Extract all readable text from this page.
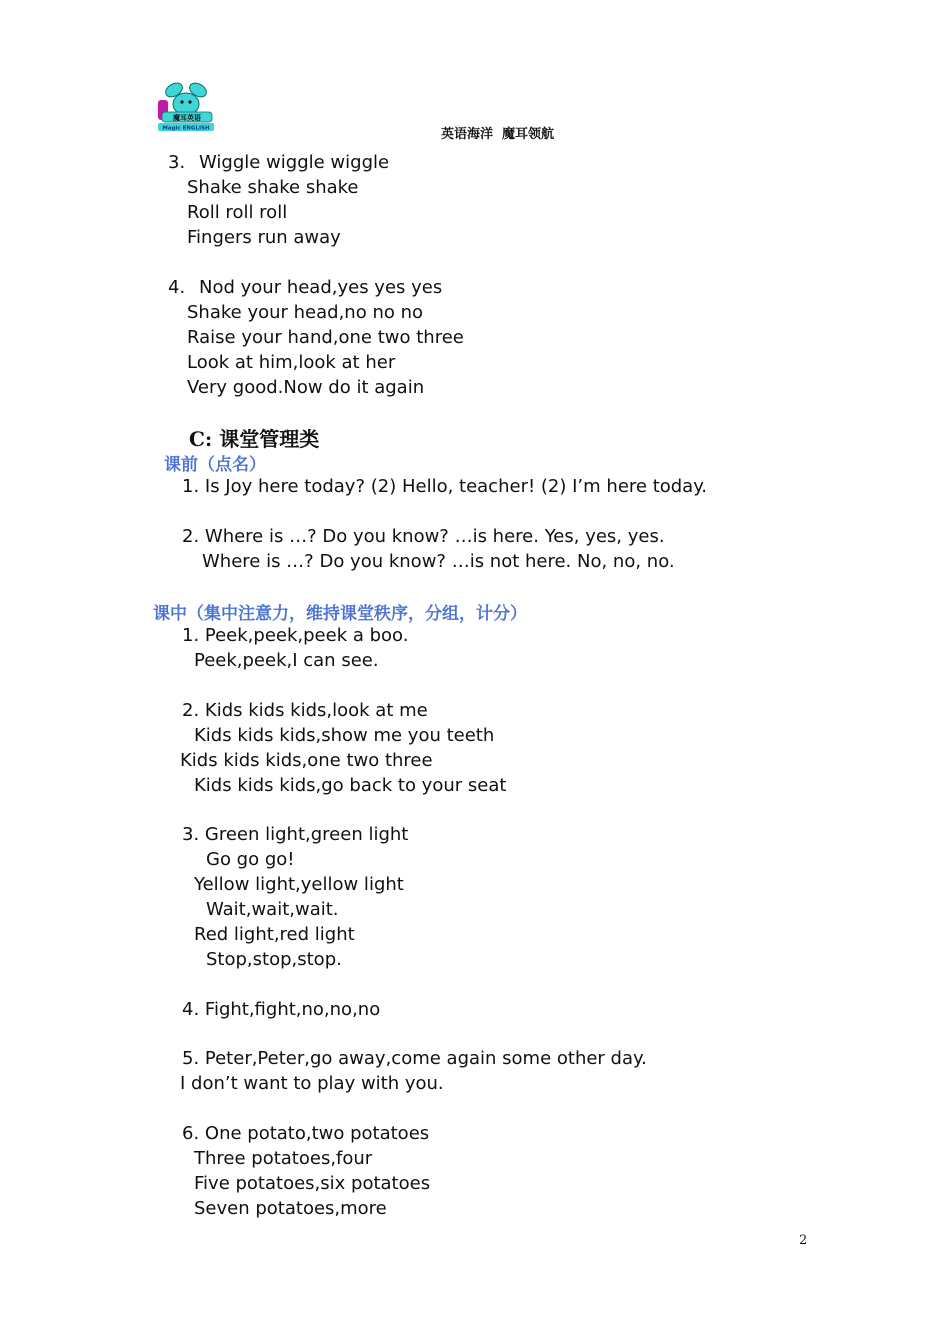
魔耳英语
Magic ENGLISH	英语海洋  魔耳领航
3. Wiggle wiggle wiggle
Shake shake shake
Roll roll roll
Fingers run away
4. Nod your head,yes yes yes
Shake your head,no no no
Raise your hand,one two three
Look at him,look at her
Very good.Now do it again
C: 课堂管理类
课前（点名）
1. Is Joy here today? (2) Hello, teacher! (2) I’m here today.
2. Where is …? Do you know? …is here. Yes, yes, yes.
Where is …? Do you know? …is not here. No, no, no.
课中（集中注意力，维持课堂秩序，分组，计分）
1. Peek,peek,peek a boo.
Peek,peek,I can see.
2. Kids kids kids,look at me
Kids kids kids,show me you teeth
Kids kids kids,one two three
Kids kids kids,go back to your seat
3. Green light,green light
Go go go!
Yellow light,yellow light
Wait,wait,wait.
Red light,red light
Stop,stop,stop.
4. Fight,fight,no,no,no
5. Peter,Peter,go away,come again some other day.
I don’t want to play with you.
6. One potato,two potatoes
Three potatoes,four
Five potatoes,six potatoes
Seven potatoes,more
2
